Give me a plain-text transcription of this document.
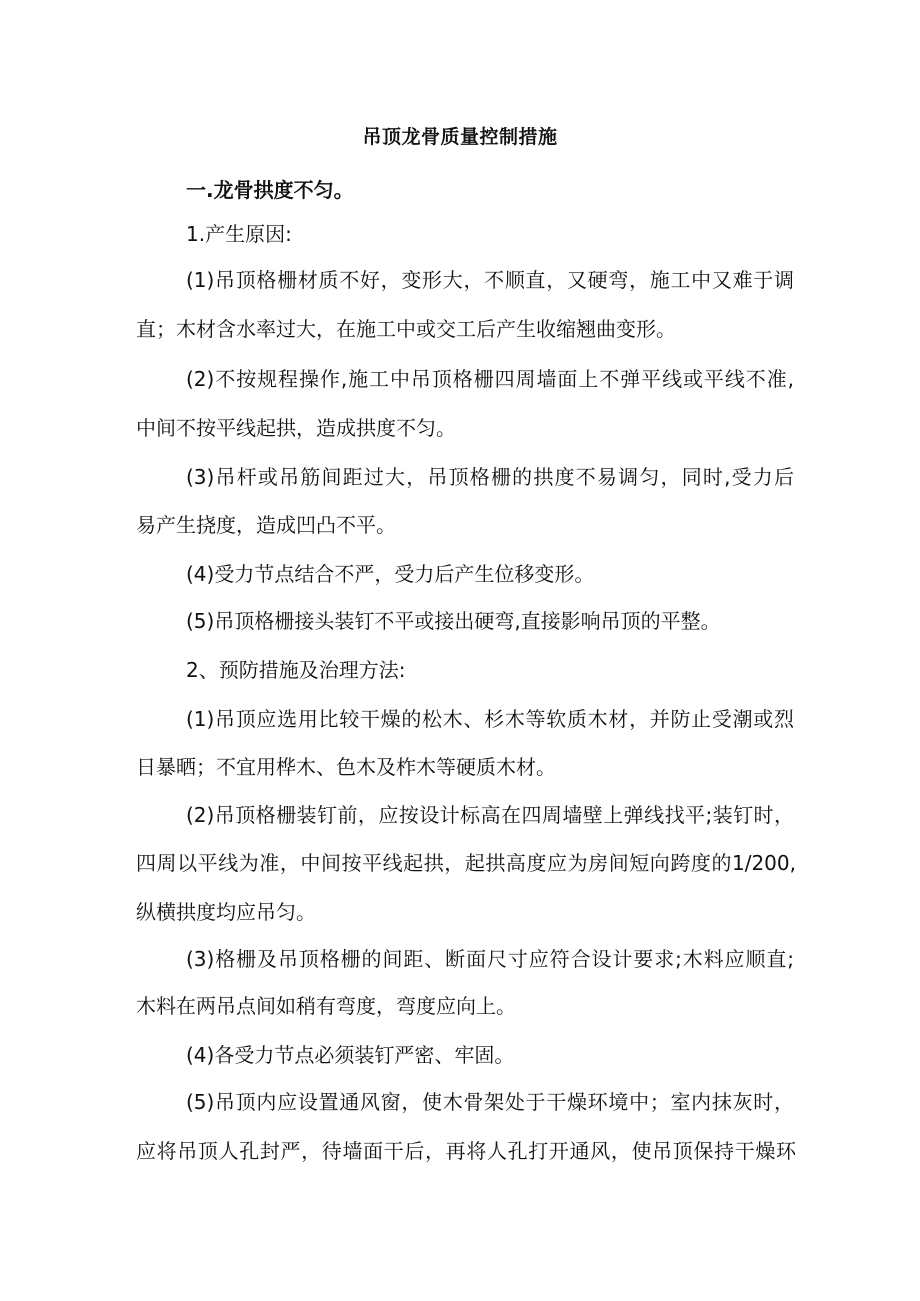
吊顶龙骨质量控制措施
一.龙骨拱度不匀。
1.产生原因:
(1)吊顶格栅材质不好，变形大，不顺直，又硬弯，施工中又难于调
直；木材含水率过大，在施工中或交工后产生收缩翘曲变形。
(2)不按规程操作,施工中吊顶格栅四周墙面上不弹平线或平线不准,
中间不按平线起拱，造成拱度不匀。
(3)吊杆或吊筋间距过大，吊顶格栅的拱度不易调匀，同时,受力后
易产生挠度，造成凹凸不平。
(4)受力节点结合不严，受力后产生位移变形。
(5)吊顶格栅接头装钉不平或接出硬弯,直接影响吊顶的平整。
2、预防措施及治理方法:
(1)吊顶应选用比较干燥的松木、杉木等软质木材，并防止受潮或烈
日暴晒；不宜用桦木、色木及柞木等硬质木材。
(2)吊顶格栅装钉前，应按设计标高在四周墙壁上弹线找平;装钉时，
四周以平线为准，中间按平线起拱，起拱高度应为房间短向跨度的1/200,
纵横拱度均应吊匀。
(3)格栅及吊顶格栅的间距、断面尺寸应符合设计要求;木料应顺直;
木料在两吊点间如稍有弯度，弯度应向上。
(4)各受力节点必须装钉严密、牢固。
(5)吊顶内应设置通风窗，使木骨架处于干燥环境中；室内抹灰时，
应将吊顶人孔封严，待墙面干后，再将人孔打开通风，使吊顶保持干燥环
